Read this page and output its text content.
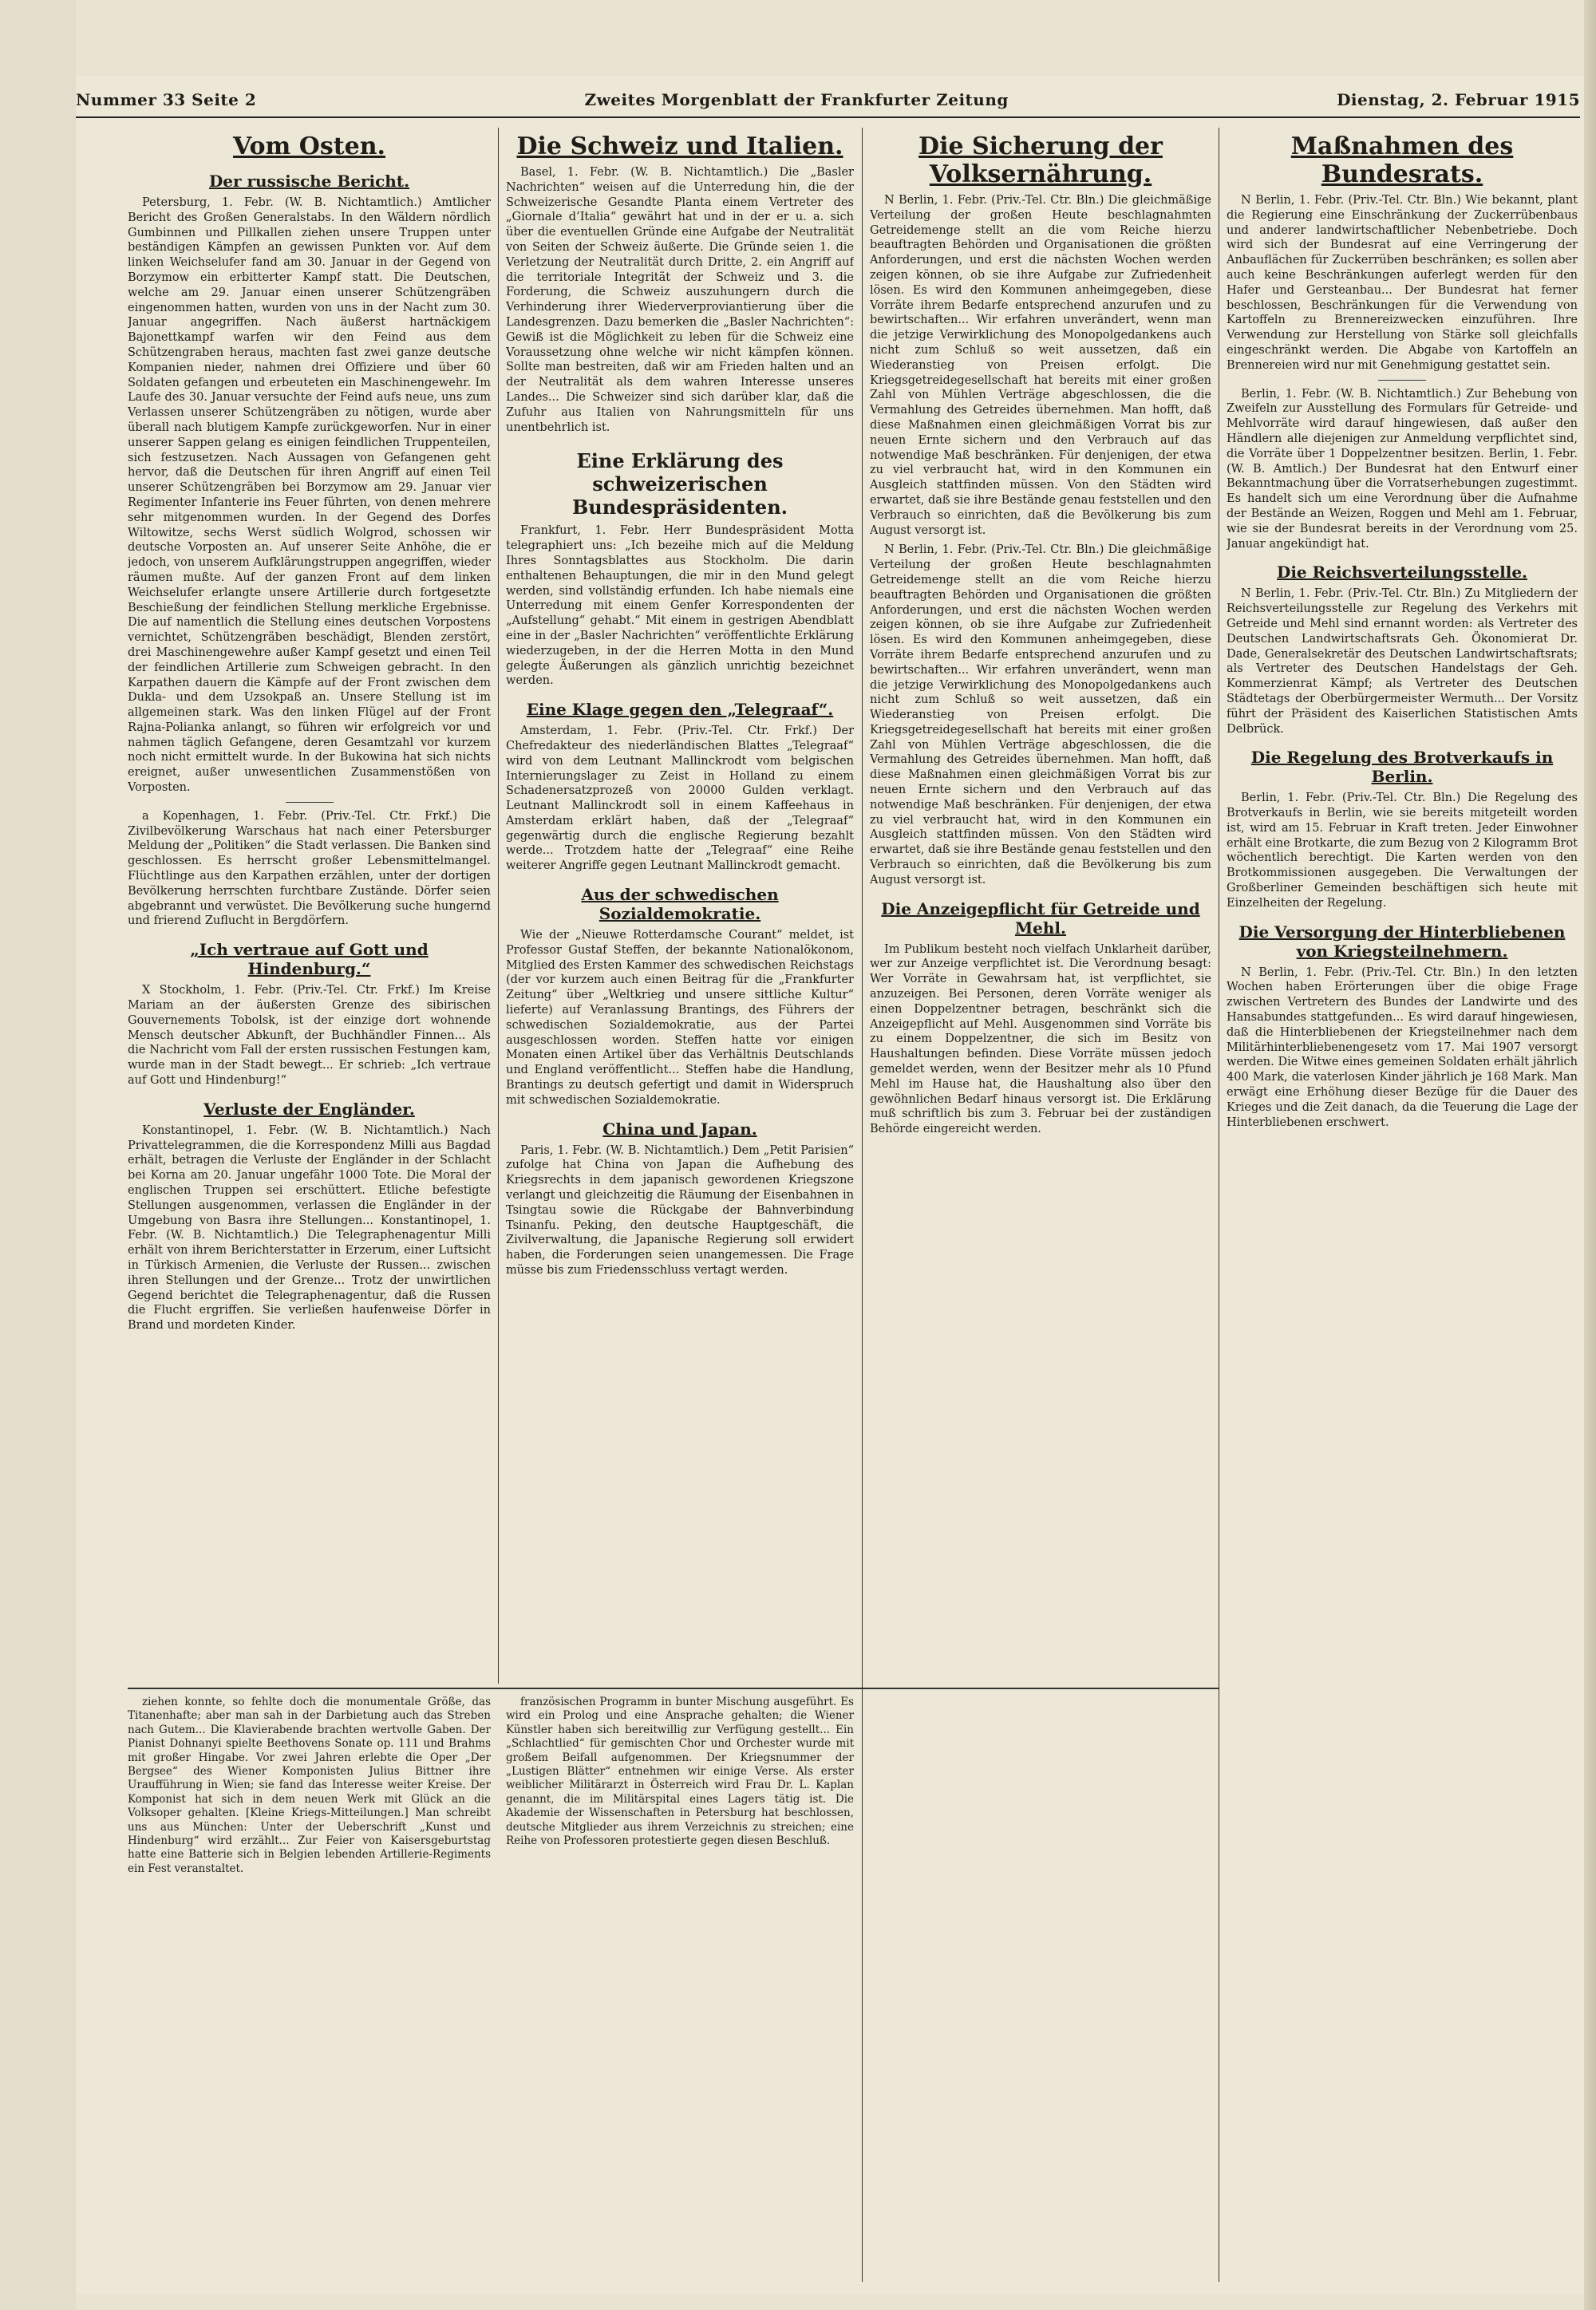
Nummer 33 Seite 2	Zweites Morgenblatt der Frankfurter Zeitung	Dienstag, 2. Februar 1915
Vom Osten.
Der russische Bericht.
Petersburg, 1. Febr. (W. B. Nichtamtlich.) Amtlicher Bericht des Großen Generalstabs. In den Wäldern nördlich Gumbinnen und Pillkallen ziehen unsere Truppen unter beständigen Kämpfen an gewissen Punkten vor. Auf dem linken Weichselufer fand am 30. Januar in der Gegend von Borzymow ein erbitterter Kampf statt. Die Deutschen, welche am 29. Januar einen unserer Schützengräben eingenommen hatten, wurden von uns in der Nacht zum 30. Januar angegriffen. Nach äußerst hartnäckigem Bajonettkampf warfen wir den Feind aus dem Schützengraben heraus, machten fast zwei ganze deutsche Kompanien nieder, nahmen drei Offiziere und über 60 Soldaten gefangen und erbeuteten ein Maschinengewehr. Im Laufe des 30. Januar versuchte der Feind aufs neue, uns zum Verlassen unserer Schützengräben zu nötigen, wurde aber überall nach blutigem Kampfe zurückgeworfen. Nur in einer unserer Sappen gelang es einigen feindlichen Truppenteilen, sich festzusetzen. Nach Aussagen von Gefangenen geht hervor, daß die Deutschen für ihren Angriff auf einen Teil unserer Schützengräben bei Borzymow am 29. Januar vier Regimenter Infanterie ins Feuer führten, von denen mehrere sehr mitgenommen wurden. In der Gegend des Dorfes Wiltowitze, sechs Werst südlich Wolgrod, schossen wir deutsche Vorposten an. Auf unserer Seite Anhöhe, die er jedoch, von unserem Aufklärungstruppen angegriffen, wieder räumen mußte. Auf der ganzen Front auf dem linken Weichselufer erlangte unsere Artillerie durch fortgesetzte Beschießung der feindlichen Stellung merkliche Ergebnisse. Die auf namentlich die Stellung eines deutschen Vorpostens vernichtet, Schützengräben beschädigt, Blenden zerstört, drei Maschinengewehre außer Kampf gesetzt und einen Teil der feindlichen Artillerie zum Schweigen gebracht. In den Karpathen dauern die Kämpfe auf der Front zwischen dem Dukla- und dem Uzsokpaß an. Unsere Stellung ist im allgemeinen stark. Was den linken Flügel auf der Front Rajna-Polianka anlangt, so führen wir erfolgreich vor und nahmen täglich Gefangene, deren Gesamtzahl vor kurzem noch nicht ermittelt wurde. In der Bukowina hat sich nichts ereignet, außer unwesentlichen Zusammenstößen von Vorposten.
a Kopenhagen, 1. Febr. (Priv.-Tel. Ctr. Frkf.) Die Zivilbevölkerung Warschaus hat nach einer Petersburger Meldung der „Politiken“ die Stadt verlassen. Die Banken sind geschlossen. Es herrscht großer Lebensmittelmangel. Flüchtlinge aus den Karpathen erzählen, unter der dortigen Bevölkerung herrschten furchtbare Zustände. Dörfer seien abgebrannt und verwüstet. Die Bevölkerung suche hungernd und frierend Zuflucht in Bergdörfern.
„Ich vertraue auf Gott und Hindenburg.“
X Stockholm, 1. Febr. (Priv.-Tel. Ctr. Frkf.) Im Kreise Mariam an der äußersten Grenze des sibirischen Gouvernements Tobolsk, ist der einzige dort wohnende Mensch deutscher Abkunft, der Buchhändler Finnen... Als die Nachricht vom Fall der ersten russischen Festungen kam, wurde man in der Stadt bewegt... Er schrieb: „Ich vertraue auf Gott und Hindenburg!“
Verluste der Engländer.
Konstantinopel, 1. Febr. (W. B. Nichtamtlich.) Nach Privattelegrammen, die die Korrespondenz Milli aus Bagdad erhält, betragen die Verluste der Engländer in der Schlacht bei Korna am 20. Januar ungefähr 1000 Tote. Die Moral der englischen Truppen sei erschüttert. Etliche befestigte Stellungen ausgenommen, verlassen die Engländer in der Umgebung von Basra ihre Stellungen... Konstantinopel, 1. Febr. (W. B. Nichtamtlich.) Die Telegraphenagentur Milli erhält von ihrem Berichterstatter in Erzerum, einer Luftsicht in Türkisch Armenien, die Verluste der Russen... zwischen ihren Stellungen und der Grenze... Trotz der unwirtlichen Gegend berichtet die Telegraphenagentur, daß die Russen die Flucht ergriffen. Sie verließen haufenweise Dörfer in Brand und mordeten Kinder.
Die Schweiz und Italien.
Basel, 1. Febr. (W. B. Nichtamtlich.) Die „Basler Nachrichten“ weisen auf die Unterredung hin, die der Schweizerische Gesandte Planta einem Vertreter des „Giornale d’Italia“ gewährt hat und in der er u. a. sich über die eventuellen Gründe eine Aufgabe der Neutralität von Seiten der Schweiz äußerte. Die Gründe seien 1. die Verletzung der Neutralität durch Dritte, 2. ein Angriff auf die territoriale Integrität der Schweiz und 3. die Forderung, die Schweiz auszuhungern durch die Verhinderung ihrer Wiederverproviantierung über die Landesgrenzen. Dazu bemerken die „Basler Nachrichten“: Gewiß ist die Möglichkeit zu leben für die Schweiz eine Voraussetzung ohne welche wir nicht kämpfen können. Sollte man bestreiten, daß wir am Frieden halten und an der Neutralität als dem wahren Interesse unseres Landes... Die Schweizer sind sich darüber klar, daß die Zufuhr aus Italien von Nahrungsmitteln für uns unentbehrlich ist.
Eine Erklärung des schweizerischen Bundespräsidenten.
Frankfurt, 1. Febr. Herr Bundespräsident Motta telegraphiert uns: „Ich bezeihe mich auf die Meldung Ihres Sonntagsblattes aus Stockholm. Die darin enthaltenen Behauptungen, die mir in den Mund gelegt werden, sind vollständig erfunden. Ich habe niemals eine Unterredung mit einem Genfer Korrespondenten der „Aufstellung“ gehabt.“ Mit einem in gestrigen Abendblatt eine in der „Basler Nachrichten“ veröffentlichte Erklärung wiederzugeben, in der die Herren Motta in den Mund gelegte Äußerungen als gänzlich unrichtig bezeichnet werden.
Eine Klage gegen den „Telegraaf“.
Amsterdam, 1. Febr. (Priv.-Tel. Ctr. Frkf.) Der Chefredakteur des niederländischen Blattes „Telegraaf“ wird von dem Leutnant Mallinckrodt vom belgischen Internierungslager zu Zeist in Holland zu einem Schadenersatzprozeß von 20000 Gulden verklagt. Leutnant Mallinckrodt soll in einem Kaffeehaus in Amsterdam erklärt haben, daß der „Telegraaf“ gegenwärtig durch die englische Regierung bezahlt werde... Trotzdem hatte der „Telegraaf“ eine Reihe weiterer Angriffe gegen Leutnant Mallinckrodt gemacht.
Aus der schwedischen Sozialdemokratie.
Wie der „Nieuwe Rotterdamsche Courant“ meldet, ist Professor Gustaf Steffen, der bekannte Nationalökonom, Mitglied des Ersten Kammer des schwedischen Reichstags (der vor kurzem auch einen Beitrag für die „Frankfurter Zeitung“ über „Weltkrieg und unsere sittliche Kultur“ lieferte) auf Veranlassung Brantings, des Führers der schwedischen Sozialdemokratie, aus der Partei ausgeschlossen worden. Steffen hatte vor einigen Monaten einen Artikel über das Verhältnis Deutschlands und England veröffentlicht... Steffen habe die Handlung, Brantings zu deutsch gefertigt und damit in Widerspruch mit schwedischen Sozialdemokratie.
China und Japan.
Paris, 1. Febr. (W. B. Nichtamtlich.) Dem „Petit Parisien“ zufolge hat China von Japan die Aufhebung des Kriegsrechts in dem japanisch gewordenen Kriegszone verlangt und gleichzeitig die Räumung der Eisenbahnen in Tsingtau sowie die Rückgabe der Bahnverbindung Tsinanfu. Peking, den deutsche Hauptgeschäft, die Zivilverwaltung, die Japanische Regierung soll erwidert haben, die Forderungen seien unangemessen. Die Frage müsse bis zum Friedensschluss vertagt werden.
Die Sicherung der Volksernährung.
N Berlin, 1. Febr. (Priv.-Tel. Ctr. Bln.) Die gleichmäßige Verteilung der großen Heute beschlagnahmten Getreidemenge stellt an die vom Reiche hierzu beauftragten Behörden und Organisationen die größten Anforderungen, und erst die nächsten Wochen werden zeigen können, ob sie ihre Aufgabe zur Zufriedenheit lösen. Es wird den Kommunen anheimgegeben, diese Vorräte ihrem Bedarfe entsprechend anzurufen und zu bewirtschaften... Wir erfahren unverändert, wenn man die jetzige Verwirklichung des Monopolgedankens auch nicht zum Schluß so weit aussetzen, daß ein Wiederanstieg von Preisen erfolgt. Die Kriegsgetreidegesellschaft hat bereits mit einer großen Zahl von Mühlen Verträge abgeschlossen, die die Vermahlung des Getreides übernehmen. Man hofft, daß diese Maßnahmen einen gleichmäßigen Vorrat bis zur neuen Ernte sichern und den Verbrauch auf das notwendige Maß beschränken. Für denjenigen, der etwa zu viel verbraucht hat, wird in den Kommunen ein Ausgleich stattfinden müssen. Von den Städten wird erwartet, daß sie ihre Bestände genau feststellen und den Verbrauch so einrichten, daß die Bevölkerung bis zum August versorgt ist.
N Berlin, 1. Febr. (Priv.-Tel. Ctr. Bln.) Die gleichmäßige Verteilung der großen Heute beschlagnahmten Getreidemenge stellt an die vom Reiche hierzu beauftragten Behörden und Organisationen die größten Anforderungen, und erst die nächsten Wochen werden zeigen können, ob sie ihre Aufgabe zur Zufriedenheit lösen. Es wird den Kommunen anheimgegeben, diese Vorräte ihrem Bedarfe entsprechend anzurufen und zu bewirtschaften... Wir erfahren unverändert, wenn man die jetzige Verwirklichung des Monopolgedankens auch nicht zum Schluß so weit aussetzen, daß ein Wiederanstieg von Preisen erfolgt. Die Kriegsgetreidegesellschaft hat bereits mit einer großen Zahl von Mühlen Verträge abgeschlossen, die die Vermahlung des Getreides übernehmen. Man hofft, daß diese Maßnahmen einen gleichmäßigen Vorrat bis zur neuen Ernte sichern und den Verbrauch auf das notwendige Maß beschränken. Für denjenigen, der etwa zu viel verbraucht hat, wird in den Kommunen ein Ausgleich stattfinden müssen. Von den Städten wird erwartet, daß sie ihre Bestände genau feststellen und den Verbrauch so einrichten, daß die Bevölkerung bis zum August versorgt ist.
Die Anzeigepflicht für Getreide und Mehl.
Im Publikum besteht noch vielfach Unklarheit darüber, wer zur Anzeige verpflichtet ist. Die Verordnung besagt: Wer Vorräte in Gewahrsam hat, ist verpflichtet, sie anzuzeigen. Bei Personen, deren Vorräte weniger als einen Doppelzentner betragen, beschränkt sich die Anzeigepflicht auf Mehl. Ausgenommen sind Vorräte bis zu einem Doppelzentner, die sich im Besitz von Haushaltungen befinden. Diese Vorräte müssen jedoch gemeldet werden, wenn der Besitzer mehr als 10 Pfund Mehl im Hause hat, die Haushaltung also über den gewöhnlichen Bedarf hinaus versorgt ist. Die Erklärung muß schriftlich bis zum 3. Februar bei der zuständigen Behörde eingereicht werden.
Maßnahmen des Bundesrats.
N Berlin, 1. Febr. (Priv.-Tel. Ctr. Bln.) Wie bekannt, plant die Regierung eine Einschränkung der Zuckerrübenbaus und anderer landwirtschaftlicher Nebenbetriebe. Doch wird sich der Bundesrat auf eine Verringerung der Anbauflächen für Zuckerrüben beschränken; es sollen aber auch keine Beschränkungen auferlegt werden für den Hafer und Gersteanbau... Der Bundesrat hat ferner beschlossen, Beschränkungen für die Verwendung von Kartoffeln zu Brennereizwecken einzuführen. Ihre Verwendung zur Herstellung von Stärke soll gleichfalls eingeschränkt werden. Die Abgabe von Kartoffeln an Brennereien wird nur mit Genehmigung gestattet sein.
Berlin, 1. Febr. (W. B. Nichtamtlich.) Zur Behebung von Zweifeln zur Ausstellung des Formulars für Getreide- und Mehlvorräte wird darauf hingewiesen, daß außer den Händlern alle diejenigen zur Anmeldung verpflichtet sind, die Vorräte über 1 Doppelzentner besitzen. Berlin, 1. Febr. (W. B. Amtlich.) Der Bundesrat hat den Entwurf einer Bekanntmachung über die Vorratserhebungen zugestimmt. Es handelt sich um eine Verordnung über die Aufnahme der Bestände an Weizen, Roggen und Mehl am 1. Februar, wie sie der Bundesrat bereits in der Verordnung vom 25. Januar angekündigt hat.
Die Reichsverteilungsstelle.
N Berlin, 1. Febr. (Priv.-Tel. Ctr. Bln.) Zu Mitgliedern der Reichsverteilungsstelle zur Regelung des Verkehrs mit Getreide und Mehl sind ernannt worden: als Vertreter des Deutschen Landwirtschaftsrats Geh. Ökonomierat Dr. Dade, Generalsekretär des Deutschen Landwirtschaftsrats; als Vertreter des Deutschen Handelstags der Geh. Kommerzienrat Kämpf; als Vertreter des Deutschen Städtetags der Oberbürgermeister Wermuth... Der Vorsitz führt der Präsident des Kaiserlichen Statistischen Amts Delbrück.
Die Regelung des Brotverkaufs in Berlin.
Berlin, 1. Febr. (Priv.-Tel. Ctr. Bln.) Die Regelung des Brotverkaufs in Berlin, wie sie bereits mitgeteilt worden ist, wird am 15. Februar in Kraft treten. Jeder Einwohner erhält eine Brotkarte, die zum Bezug von 2 Kilogramm Brot wöchentlich berechtigt. Die Karten werden von den Brotkommissionen ausgegeben. Die Verwaltungen der Großberliner Gemeinden beschäftigen sich heute mit Einzelheiten der Regelung.
Die Versorgung der Hinterbliebenen von Kriegsteilnehmern.
N Berlin, 1. Febr. (Priv.-Tel. Ctr. Bln.) In den letzten Wochen haben Erörterungen über die obige Frage zwischen Vertretern des Bundes der Landwirte und des Hansabundes stattgefunden... Es wird darauf hingewiesen, daß die Hinterbliebenen der Kriegsteilnehmer nach dem Militärhinterbliebenengesetz vom 17. Mai 1907 versorgt werden. Die Witwe eines gemeinen Soldaten erhält jährlich 400 Mark, die vaterlosen Kinder jährlich je 168 Mark. Man erwägt eine Erhöhung dieser Bezüge für die Dauer des Krieges und die Zeit danach, da die Teuerung die Lage der Hinterbliebenen erschwert.
ziehen konnte, so fehlte doch die monumentale Größe, das Titanenhafte; aber man sah in der Darbietung auch das Streben nach Gutem... Die Klavierabende brachten wertvolle Gaben. Der Pianist Dohnanyi spielte Beethovens Sonate op. 111 und Brahms mit großer Hingabe. Vor zwei Jahren erlebte die Oper „Der Bergsee“ des Wiener Komponisten Julius Bittner ihre Uraufführung in Wien; sie fand das Interesse weiter Kreise. Der Komponist hat sich in dem neuen Werk mit Glück an die Volksoper gehalten. [Kleine Kriegs-Mitteilungen.] Man schreibt uns aus München: Unter der Ueberschrift „Kunst und Hindenburg“ wird erzählt... Zur Feier von Kaisersgeburtstag hatte eine Batterie sich in Belgien lebenden Artillerie-Regiments ein Fest veranstaltet.
französischen Programm in bunter Mischung ausgeführt. Es wird ein Prolog und eine Ansprache gehalten; die Wiener Künstler haben sich bereitwillig zur Verfügung gestellt... Ein „Schlachtlied“ für gemischten Chor und Orchester wurde mit großem Beifall aufgenommen. Der Kriegsnummer der „Lustigen Blätter“ entnehmen wir einige Verse. Als erster weiblicher Militärarzt in Österreich wird Frau Dr. L. Kaplan genannt, die im Militärspital eines Lagers tätig ist. Die Akademie der Wissenschaften in Petersburg hat beschlossen, deutsche Mitglieder aus ihrem Verzeichnis zu streichen; eine Reihe von Professoren protestierte gegen diesen Beschluß.
